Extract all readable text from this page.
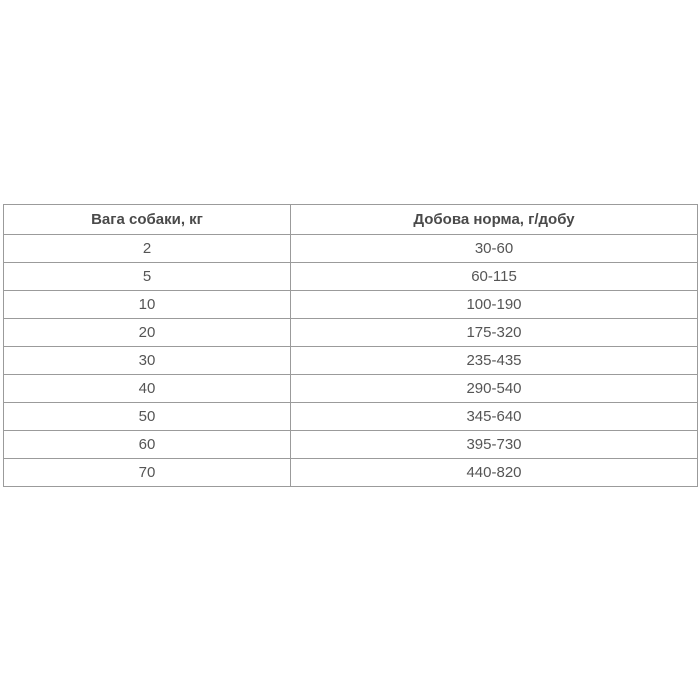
Вага собаки, кг	Добова норма, г/добу
2	30-60
5	60-115
10	100-190
20	175-320
30	235-435
40	290-540
50	345-640
60	395-730
70	440-820
